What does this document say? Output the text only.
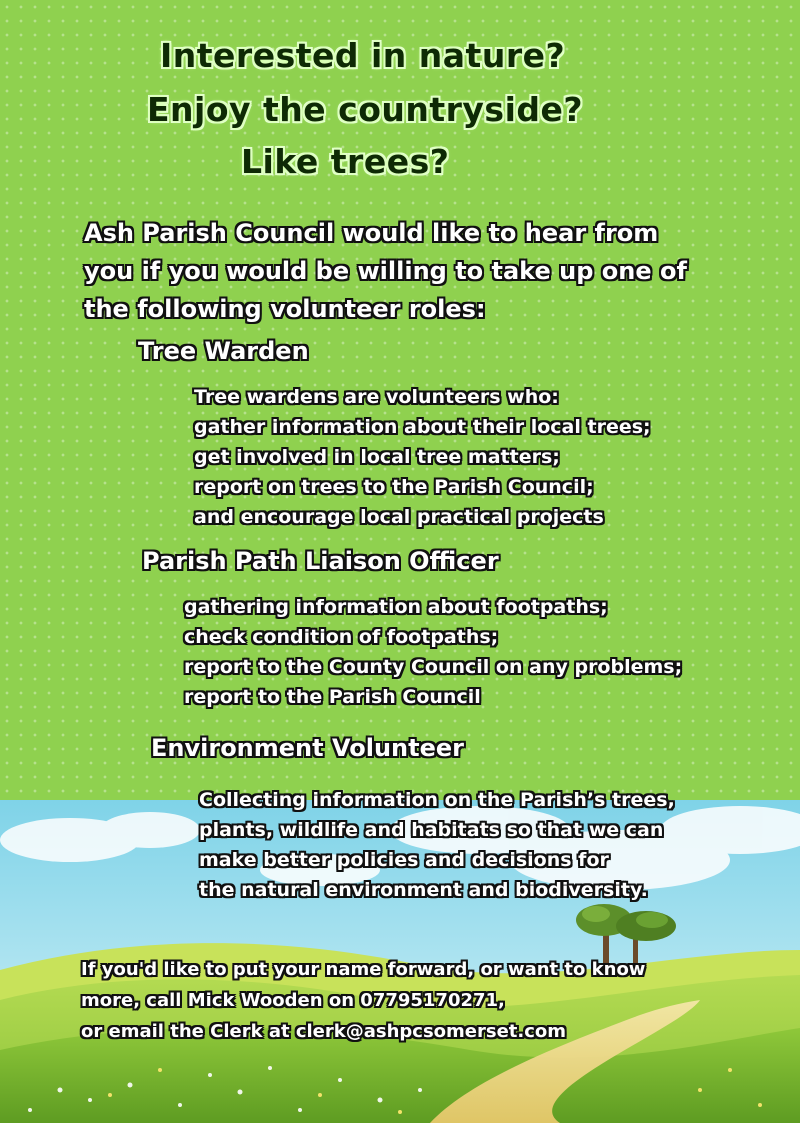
Interested in nature?
Enjoy the countryside?
Like trees?
Ash Parish Council would like to hear from
you if you would be willing to take up one of
the following volunteer roles:
Tree Warden
Tree wardens are volunteers who:
gather information about their local trees;
get involved in local tree matters;
report on trees to the Parish Council;
and encourage local practical projects
Parish Path Liaison Officer
gathering information about footpaths;
check condition of footpaths;
report to the County Council on any problems;
report to the Parish Council
Environment Volunteer
Collecting information on the Parish’s trees,
plants, wildlife and habitats so that we can
make better policies and decisions for
the natural environment and biodiversity.
If you'd like to put your name forward, or want to know
more, call Mick Wooden on 07795170271,
or email the Clerk at clerk@ashpcsomerset.com
